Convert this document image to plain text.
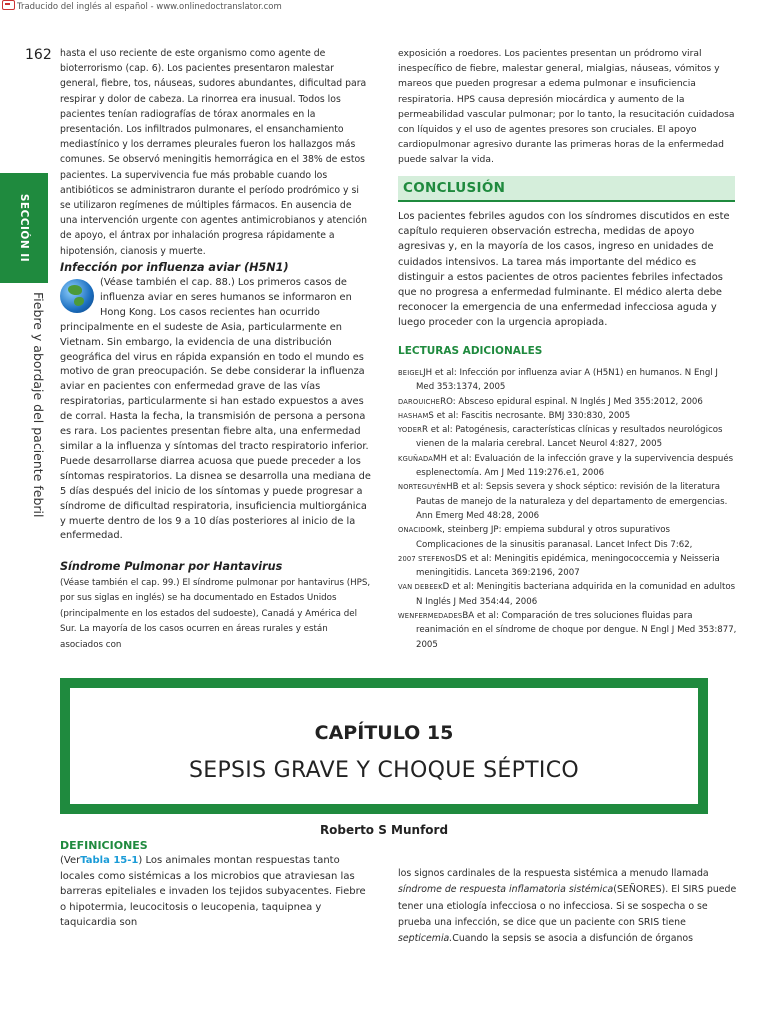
Traducido del inglés al español - www.onlinedoctranslator.com
162
SECCIÓN II
Fiebre y abordaje del paciente febril

hasta el uso reciente de este organismo como agente de bioterrorismo (cap. 6). Los pacientes presentaron malestar general, fiebre, tos, náuseas, sudores abundantes, dificultad para respirar y dolor de cabeza. La rinorrea era inusual. Todos los pacientes tenían radiografías de tórax anormales en la presentación. Los infiltrados pulmonares, el ensanchamiento mediastínico y los derrames pleurales fueron los hallazgos más comunes. Se observó meningitis hemorrágica en el 38% de estos pacientes. La supervivencia fue más probable cuando los antibióticos se administraron durante el período prodrómico y si se utilizaron regímenes de múltiples fármacos. En ausencia de una intervención urgente con agentes antimicrobianos y atención de apoyo, el ántrax por inhalación progresa rápidamente a hipotensión, cianosis y muerte.

Infección por influenza aviar (H5N1)

(Véase también el cap. 88.) Los primeros casos de influenza aviar en seres humanos se informaron en Hong Kong. Los casos recientes han ocurrido principalmente en el sudeste de Asia, particularmente en Vietnam. Sin embargo, la evidencia de una distribución geográfica del virus en rápida expansión en todo el mundo es motivo de gran preocupación. Se debe considerar la influenza aviar en pacientes con enfermedad grave de las vías respiratorias, particularmente si han estado expuestos a aves de corral. Hasta la fecha, la transmisión de persona a persona es rara. Los pacientes presentan fiebre alta, una enfermedad similar a la influenza y síntomas del tracto respiratorio inferior. Puede desarrollarse diarrea acuosa que puede preceder a los síntomas respiratorios. La disnea se desarrolla una mediana de 5 días después del inicio de los síntomas y puede progresar a síndrome de dificultad respiratoria, insuficiencia multiorgánica y muerte dentro de los 9 a 10 días posteriores al inicio de la enfermedad.

Síndrome Pulmonar por Hantavirus

(Véase también el cap. 99.) El síndrome pulmonar por hantavirus (HPS, por sus siglas en inglés) se ha documentado en Estados Unidos (principalmente en los estados del sudoeste), Canadá y América del Sur. La mayoría de los casos ocurren en áreas rurales y están asociados con

exposición a roedores. Los pacientes presentan un pródromo viral inespecífico de fiebre, malestar general, mialgias, náuseas, vómitos y mareos que pueden progresar a edema pulmonar e insuficiencia respiratoria. HPS causa depresión miocárdica y aumento de la permeabilidad vascular pulmonar; por lo tanto, la resucitación cuidadosa con líquidos y el uso de agentes presores son cruciales. El apoyo cardiopulmonar agresivo durante las primeras horas de la enfermedad puede salvar la vida.

CONCLUSIÓN

Los pacientes febriles agudos con los síndromes discutidos en este capítulo requieren observación estrecha, medidas de apoyo agresivas y, en la mayoría de los casos, ingreso en unidades de cuidados intensivos. La tarea más importante del médico es distinguir a estos pacientes de otros pacientes febriles infectados que no progresa a enfermedad fulminante. El médico alerta debe reconocer la emergencia de una enfermedad infecciosa aguda y luego proceder con la urgencia apropiada.

LECTURAS ADICIONALES
BEIGELJH et al: Infección por influenza aviar A (H5N1) en humanos. N Engl J Med 353:1374, 2005
DAROUICHERO: Absceso epidural espinal. N Inglés J Med 355:2012, 2006
HASHAMS et al: Fascitis necrosante. BMJ 330:830, 2005
YODERR et al: Patogénesis, características clínicas y resultados neurológicos vienen de la malaria cerebral. Lancet Neurol 4:827, 2005
KGUÑADAMH et al: Evaluación de la infección grave y la supervivencia después esplenectomía. Am J Med 119:276.e1, 2006
NORTEGUYÉNHB et al: Sepsis severa y shock séptico: revisión de la literatura Pautas de manejo de la naturaleza y del departamento de emergencias. Ann Emerg Med 48:28, 2006
ONACIDOMk, steinberg JP: empiema subdural y otros supurativos Complicaciones de la sinusitis paranasal. Lancet Infect Dis 7:62,
2007 STEFENOSDS et al: Meningitis epidémica, meningococcemia y Neisseria meningitidis. Lanceta 369:2196, 2007
VAN DEBEEKD et al: Meningitis bacteriana adquirida en la comunidad en adultos N Inglés J Med 354:44, 2006
WENFERMEDADESBA et al: Comparación de tres soluciones fluidas para reanimación en el síndrome de choque por dengue. N Engl J Med 353:877, 2005
CAPÍTULO 15
SEPSIS GRAVE Y CHOQUE SÉPTICO
Roberto S Munford
DEFINICIONES

(VerTabla 15-1) Los animales montan respuestas tanto locales como sistémicas a los microbios que atraviesan las barreras epiteliales e invaden los tejidos subyacentes. Fiebre o hipotermia, leucocitosis o leucopenia, taquipnea y taquicardia son

los signos cardinales de la respuesta sistémica a menudo llamada síndrome de respuesta inflamatoria sistémica(SEÑORES). El SIRS puede tener una etiología infecciosa o no infecciosa. Si se sospecha o se prueba una infección, se dice que un paciente con SRIS tiene septicemia.Cuando la sepsis se asocia a disfunción de órganos
